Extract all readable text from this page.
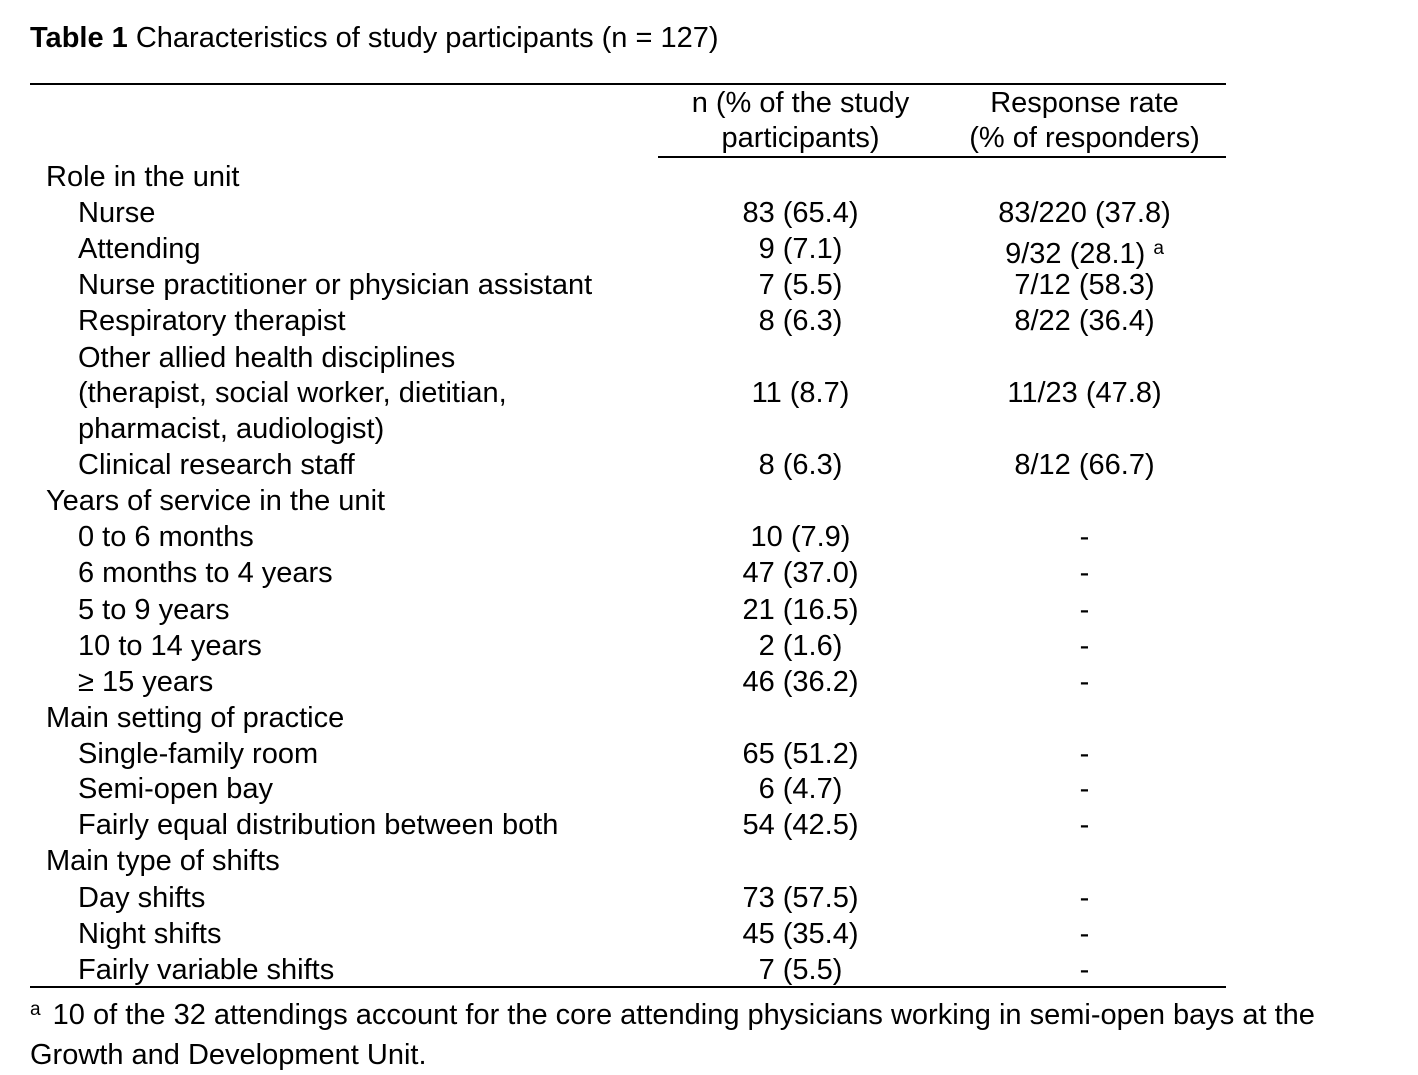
Table 1 Characteristics of study participants (n = 127)
n (% of the study
participants)
Response rate
(% of responders)
Role in the unit
Nurse	83 (65.4)	83/220 (37.8)
Attending	9 (7.1)	9/32 (28.1) $^a$
Nurse practitioner or physician assistant	7 (5.5)	7/12 (58.3)
Respiratory therapist	8 (6.3)	8/22 (36.4)
Other allied health disciplines
(therapist, social worker, dietitian,	11 (8.7)	11/23 (47.8)
pharmacist, audiologist)
Clinical research staff	8 (6.3)	8/12 (66.7)
Years of service in the unit
0 to 6 months	10 (7.9)	-
6 months to 4 years	47 (37.0)	-
5 to 9 years	21 (16.5)	-
10 to 14 years	2 (1.6)	-
≥ 15 years	46 (36.2)	-
Main setting of practice
Single-family room	65 (51.2)	-
Semi-open bay	6 (4.7)	-
Fairly equal distribution between both	54 (42.5)	-
Main type of shifts
Day shifts	73 (57.5)	-
Night shifts	45 (35.4)	-
Fairly variable shifts	7 (5.5)	-
$^a$ 10 of the 32 attendings account for the core attending physicians working in semi-open bays at the Growth and Development Unit.
